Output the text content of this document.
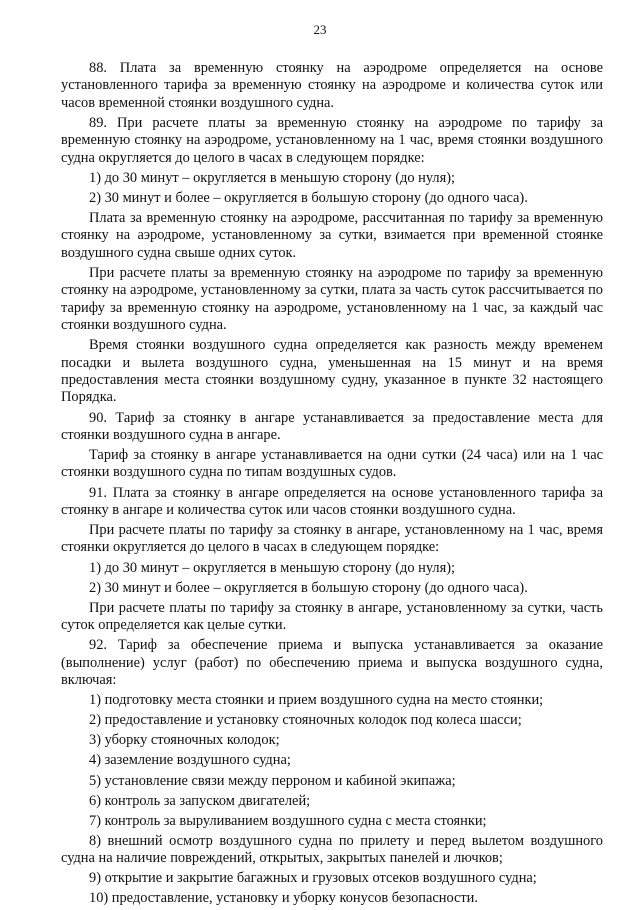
23

88. Плата за временную стоянку на аэродроме определяется на основе установленного тарифа за временную стоянку на аэродроме и количества суток или часов временной стоянки воздушного судна.

89. При расчете платы за временную стоянку на аэродроме по тарифу за временную стоянку на аэродроме, установленному на 1 час, время стоянки воздушного судна округляется до целого в часах в следующем порядке:

1) до 30 минут – округляется в меньшую сторону (до нуля);

2) 30 минут и более – округляется в большую сторону (до одного часа).

Плата за временную стоянку на аэродроме, рассчитанная по тарифу за временную стоянку на аэродроме, установленному за сутки, взимается при временной стоянке воздушного судна свыше одних суток.

При расчете платы за временную стоянку на аэродроме по тарифу за временную стоянку на аэродроме, установленному за сутки, плата за часть суток рассчитывается по тарифу за временную стоянку на аэродроме, установленному на 1 час, за каждый час стоянки воздушного судна.

Время стоянки воздушного судна определяется как разность между временем посадки и вылета воздушного судна, уменьшенная на 15 минут и на время предоставления места стоянки воздушному судну, указанное в пункте 32 настоящего Порядка.

90. Тариф за стоянку в ангаре устанавливается за предоставление места для стоянки воздушного судна в ангаре.

Тариф за стоянку в ангаре устанавливается на одни сутки (24 часа) или на 1 час стоянки воздушного судна по типам воздушных судов.

91. Плата за стоянку в ангаре определяется на основе установленного тарифа за стоянку в ангаре и количества суток или часов стоянки воздушного судна.

При расчете платы по тарифу за стоянку в ангаре, установленному на 1 час, время стоянки округляется до целого в часах в следующем порядке:

1) до 30 минут – округляется в меньшую сторону (до нуля);

2) 30 минут и более – округляется в большую сторону (до одного часа).

При расчете платы по тарифу за стоянку в ангаре, установленному за сутки, часть суток определяется как целые сутки.

92. Тариф за обеспечение приема и выпуска устанавливается за оказание (выполнение) услуг (работ) по обеспечению приема и выпуска воздушного судна, включая:

1) подготовку места стоянки и прием воздушного судна на место стоянки;

2) предоставление и установку стояночных колодок под колеса шасси;

3) уборку стояночных колодок;

4) заземление воздушного судна;

5) установление связи между перроном и кабиной экипажа;

6) контроль за запуском двигателей;

7) контроль за выруливанием воздушного судна с места стоянки;

8) внешний осмотр воздушного судна по прилету и перед вылетом воздушного судна на наличие повреждений, открытых, закрытых панелей и лючков;

9) открытие и закрытие багажных и грузовых отсеков воздушного судна;

10) предоставление, установку и уборку конусов безопасности.
